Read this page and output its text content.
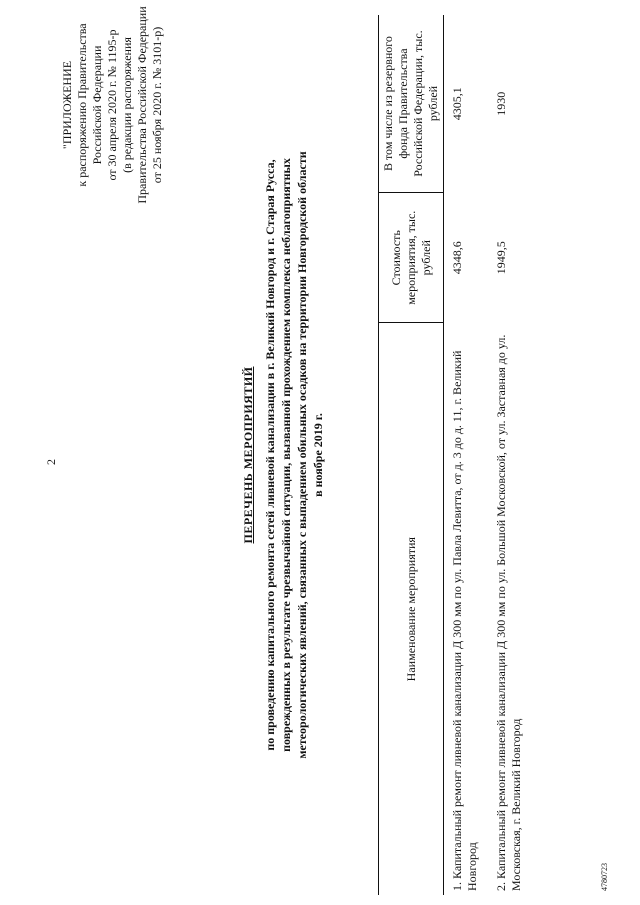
2
"ПРИЛОЖЕНИЕ к распоряжению Правительства Российской Федерации от 30 апреля 2020 г. № 1195-р (в редакции распоряжения Правительства Российской Федерации от 25 ноября 2020 г. № 3101-р)
ПЕРЕЧЕНЬ МЕРОПРИЯТИЙ по проведению капитального ремонта сетей ливневой канализации в г. Великий Новгород и г. Старая Русса, поврежденных в результате чрезвычайной ситуации, вызванной прохождением комплекса неблагоприятных метеорологических явлений, связанных с выпадением обильных осадков на территории Новгородской области в ноябре 2019 г.
Наименование мероприятия	Стоимость мероприятия, тыс. рублей	В том числе из резервного фонда Правительства Российской Федерации, тыс. рублей
1. Капитальный ремонт ливневой канализации Д 300 мм по ул. Павла Левитта, от д. 3 до д. 11, г. Великий Новгород	4348,6	4305,1
2. Капитальный ремонт ливневой канализации Д 300 мм по ул. Большой Московской, от ул. Заставная до ул. Московская, г. Великий Новгород	1949,5	1930
4780723
